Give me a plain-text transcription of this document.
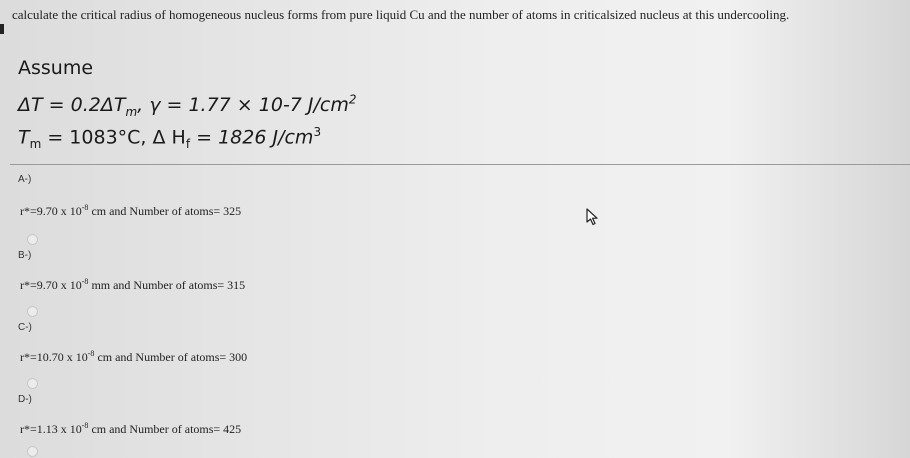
calculate the critical radius of homogeneous nucleus forms from pure liquid Cu and the number of atoms in criticalsized nucleus at this undercooling.
Assume
$\Delta T = 0.2\Delta T_m$, γ = 1.77 × 10-7 $J/cm^2$
$T_m = 1083^\circ C$, Δ $H_f = 1826$ $J/cm^3$
A-)
r*=9.70 x $10^{-8}$ cm and Number of atoms= 325
B-)
r*=9.70 x $10^{-8}$ mm and Number of atoms= 315
C-)
r*=10.70 x $10^{-8}$ cm and Number of atoms= 300
D-)
r*=1.13 x $10^{-8}$ cm and Number of atoms= 425
